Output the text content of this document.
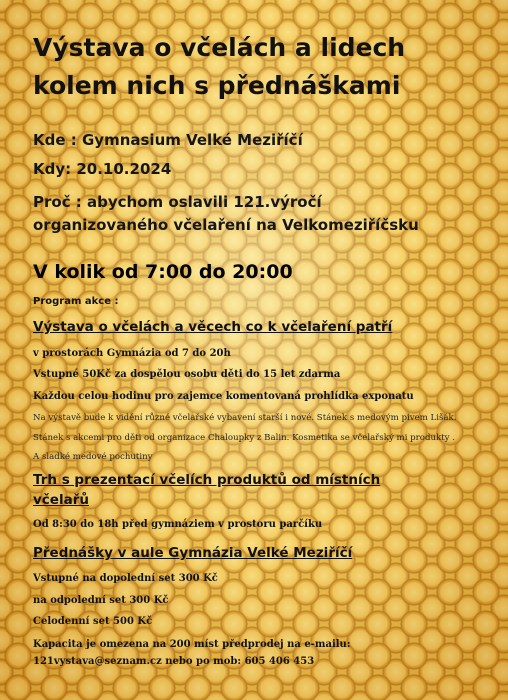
Výstava o včelách a lidech
kolem nich s přednáškami
Kde : Gymnasium Velké Meziříčí
Kdy: 20.10.2024
Proč : abychom oslavili 121.výročí
organizovaného včelaření na Velkomeziříčsku
V kolik od 7:00 do 20:00
Program akce :
Výstava o včelách a věcech co k včelaření patří
v prostorách Gymnázia od 7 do 20h
Vstupné 50Kč za dospělou osobu děti do 15 let zdarma
Každou celou hodinu pro zajemce komentovaná prohlídka exponatu
Na výstavě bude k vidění různé včelařské vybavení starší i nové. Stánek s medovým pivem Lišák.
Stánek s akcemi pro děti od organizace Chaloupky z Balin. Kosmetika se včelařský mi produkty .
A sladké medové pochutiny
Trh s prezentací včelích produktů od místních
včelařů
Od 8:30 do 18h před gymnáziem v prostoru parčíku
Přednášky v aule Gymnázia Velké Meziříčí
Vstupné na dopolední set 300 Kč
na odpolední set 300 Kč
Celodenní set 500 Kč
Kapacita je omezena na 200 míst předprodej na e-mailu:
121vystava@seznam.cz nebo po mob: 605 406 453
